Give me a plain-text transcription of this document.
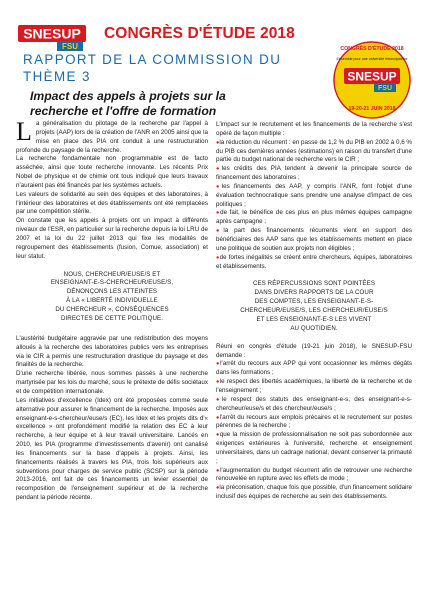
SNESUP
FSU
CONGRÈS D'ÉTUDE 2018
RAPPORT DE LA COMMISSION DU
THÈME 3
Impact des appels à projets sur la
recherche et l'offre de formation
CONGRÈS D'ÉTUDE 2018
Ensemble pour une université émancipatrice
SNESUP
FSU
19-20-21 JUIN 2018

La généralisation du pilotage de la recherche par l'appel à projets (AAP) lors de la création de l'ANR en 2005 ainsi que la mise en place des PIA ont conduit à une restructuration profonde du paysage de la recherche.

La recherche fondamentale non programmable est de facto asséchée, ainsi que toute recherche innovante. Les récents Prix Nobel de physique et de chimie ont tous indiqué que leurs travaux n'auraient pas été financés par les systèmes actuels.

Les valeurs de solidarité au sein des équipes et des laboratoires, à l'intérieur des laboratoires et des établissements ont été remplacées par une compétition stérile.

On constate que les appels à projets ont un impact à différents niveaux de l'ESR, en particulier sur la recherche depuis la loi LRU de 2007 et la loi du 22 juillet 2013 qui fixe les modalités de regroupement des établissements (fusion, Comue, association) et leur statut.

NOUS, CHERCHEUR/EUSE/S ET
ENSEIGNANT-E-S-CHERCHEUR/EUSE/S,
DÉNONÇONS LES ATTEINTES
À LA « LIBERTÉ INDIVIDUELLE
DU CHERCHEUR », CONSÉQUENCES
DIRECTES DE CETTE POLITIQUE.

L'austérité budgétaire aggravée par une redistribution des moyens alloués à la recherche des laboratoires publics vers les entreprises via le CIR a permis une restructuration drastique du paysage et des finalités de la recherche.

D'une recherche libérée, nous sommes passés à une recherche martyrisée par les lois du marché, sous le prétexte de défis sociétaux et de compétition internationale.

Les initiatives d'excellence (Idex) ont été proposées comme seule alternative pour assurer le financement de la recherche. Imposés aux enseignant-e-s-chercheur/euse/s (EC), les Idex et les projets dits d'« excellence » ont profondément modifié la relation des EC à leur recherche, à leur équipe et à leur travail universitaire. Lancés en 2010, les PIA (programme d'investissements d'avenir) ont canalisé les financements sur la base d'appels à projets. Ainsi, les financements réalisés à travers les PIA, trois fois supérieurs aux subventions pour charges de service public (SCSP) sur la période 2013-2016, ont fait de ces financements un levier essentiel de recomposition de l'enseignement supérieur et de la recherche pendant la période récente.

L'impact sur le recrutement et les financements de la recherche s'est opéré de façon multiple :

● la réduction du récurrent : en passe de 1,2 % du PIB en 2002 à 0,6 % du PIB ces dernières années (estimations) en raison du transfert d'une partie du budget national de recherche vers le CIR ;

● les crédits des PIA tendent à devenir la principale source de financement des laboratoires ;

● les financements des AAP, y compris l'ANR, font l'objet d'une évaluation technocratique sans prendre une analyse d'impact de ces politiques ;

● de fait, le bénéfice de ces plus en plus mêmes équipes campagne après campagne ;

● la part des financements récurrents vient en support des bénéficiaires des AAP sans que les établissements mettent en place une politique de soutien aux projets non éligibles ;

● de fortes inégalités se créent entre chercheurs, équipes, laboratoires et établissements.

CES RÉPERCUSSIONS SONT POINTÉES
DANS DIVERS RAPPORTS DE LA COUR
DES COMPTES, LES ENSEIGNANT-E-S-
CHERCHEUR/EUSE/S, LES CHERCHEUR/EUSE/S
ET LES ENSEIGNANT-E-S LES VIVENT
AU QUOTIDIEN.

Réuni en congrès d'étude (19-21 juin 2018), le SNESUP-FSU demande :

● l'arrêt du recours aux APP qui vont occasionner les mêmes dégâts dans les formations ;

● le respect des libertés académiques, la liberté de la recherche et de l'enseignement ;

● le respect des statuts des enseignant-e-s, des enseignant-e-s-chercheur/euse/s et des chercheur/euse/s ;

● l'arrêt du recours aux emplois précaires et le recrutement sur postes pérennes de la recherche ;

● que la mission de professionnalisation ne soit pas subordonnée aux exigences extérieures à l'université, recherche et enseignement universitaires, dans un cadrage national, devant conserver la primauté ;

● l'augmentation du budget récurrent afin de retrouver une recherche renouvelée en rupture avec les effets de mode ;

● la préconisation, chaque fois que possible, d'un financement solidaire inclusif des équipes de recherche au sein des établissements.
